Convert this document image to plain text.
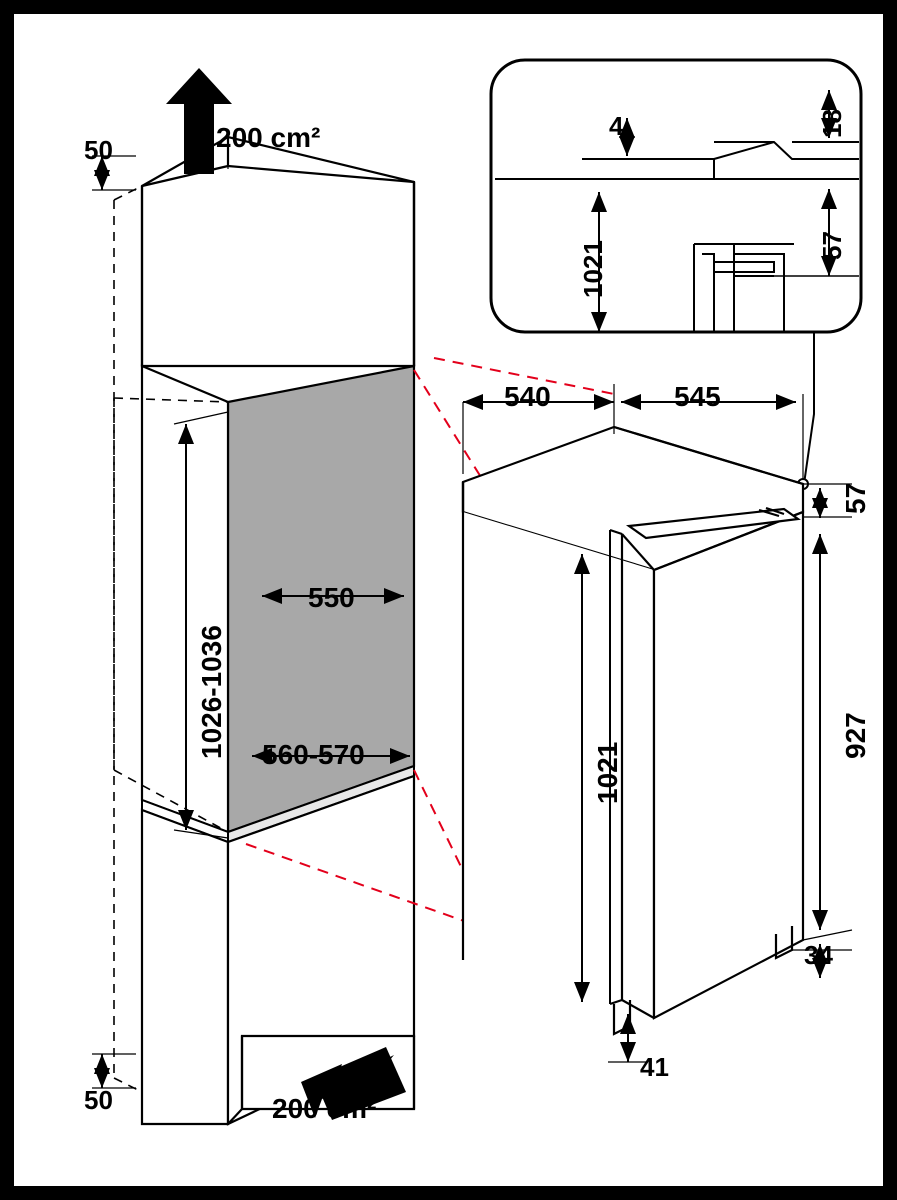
200 cm²
200 cm²
50
50
1026-1036
550
560-570
540	545
1021
927
57
34
41
18
4
1021	57
